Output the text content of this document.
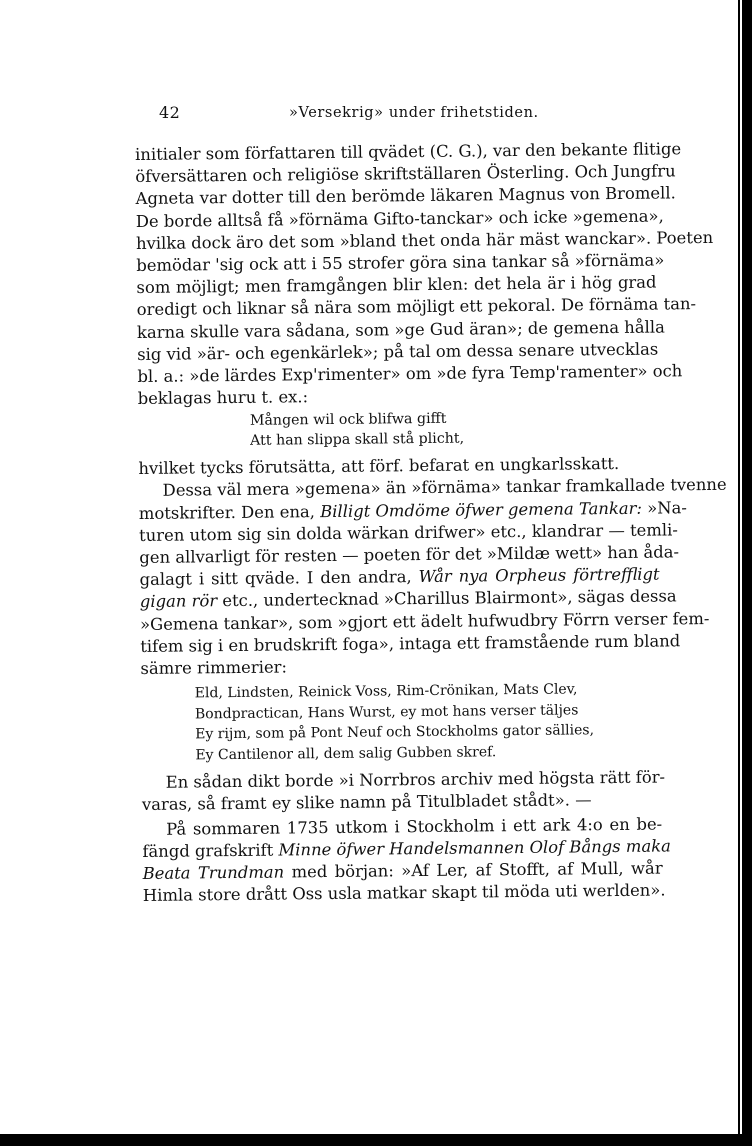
42	»Versekrig» under frihetstiden.
initialer som författaren till qvädet (C. G.), var den bekante flitige
öfversättaren och religiöse skriftställaren Österling. Och Jungfru
Agneta var dotter till den berömde läkaren Magnus von Bromell.
De borde alltså få »förnäma Gifto-tanckar» och icke »gemena»,
hvilka dock äro det som »bland thet onda här mäst wanckar». Poeten
bemödar 'sig ock att i 55 strofer göra sina tankar så »förnäma»
som möjligt; men framgången blir klen: det hela är i hög grad
oredigt och liknar så nära som möjligt ett pekoral. De förnäma tan-
karna skulle vara sådana, som »ge Gud äran»; de gemena hålla
sig vid »är- och egenkärlek»; på tal om dessa senare utvecklas
bl. a.: »de lärdes Exp'rimenter» om »de fyra Temp'ramenter» och
beklagas huru t. ex.:
Mången wil ock blifwa gifft
Att han slippa skall stå plicht,
hvilket tycks förutsätta, att förf. befarat en ungkarlsskatt.
Dessa väl mera »gemena» än »förnäma» tankar framkallade tvenne
motskrifter. Den ena, Billigt Omdöme öfwer gemena Tankar: »Na-
turen utom sig sin dolda wärkan drifwer» etc., klandrar — temli-
gen allvarligt för resten — poeten för det »Mildæ wett» han åda-
galagt i sitt qväde. I den andra, Wår nya Orpheus förtreffligt
gigan rör etc., undertecknad »Charillus Blairmont», sägas dessa
»Gemena tankar», som »gjort ett ädelt hufwudbry Förrn verser fem-
tifem sig i en brudskrift foga», intaga ett framstående rum bland
sämre rimmerier:
Eld, Lindsten, Reinick Voss, Rim-Crönikan, Mats Clev,
Bondpractican, Hans Wurst, ey mot hans verser täljes
Ey rijm, som på Pont Neuf och Stockholms gator sällies,
Ey Cantilenor all, dem salig Gubben skref.
En sådan dikt borde »i Norrbros archiv med högsta rätt för-
varas, så framt ey slike namn på Titulbladet stådt». —
På sommaren 1735 utkom i Stockholm i ett ark 4:o en be-
fängd grafskrift Minne öfwer Handelsmannen Olof Bångs maka
Beata Trundman med början: »Af Ler, af Stofft, af Mull, wår
Himla store drått Oss usla matkar skapt til möda uti werlden».
